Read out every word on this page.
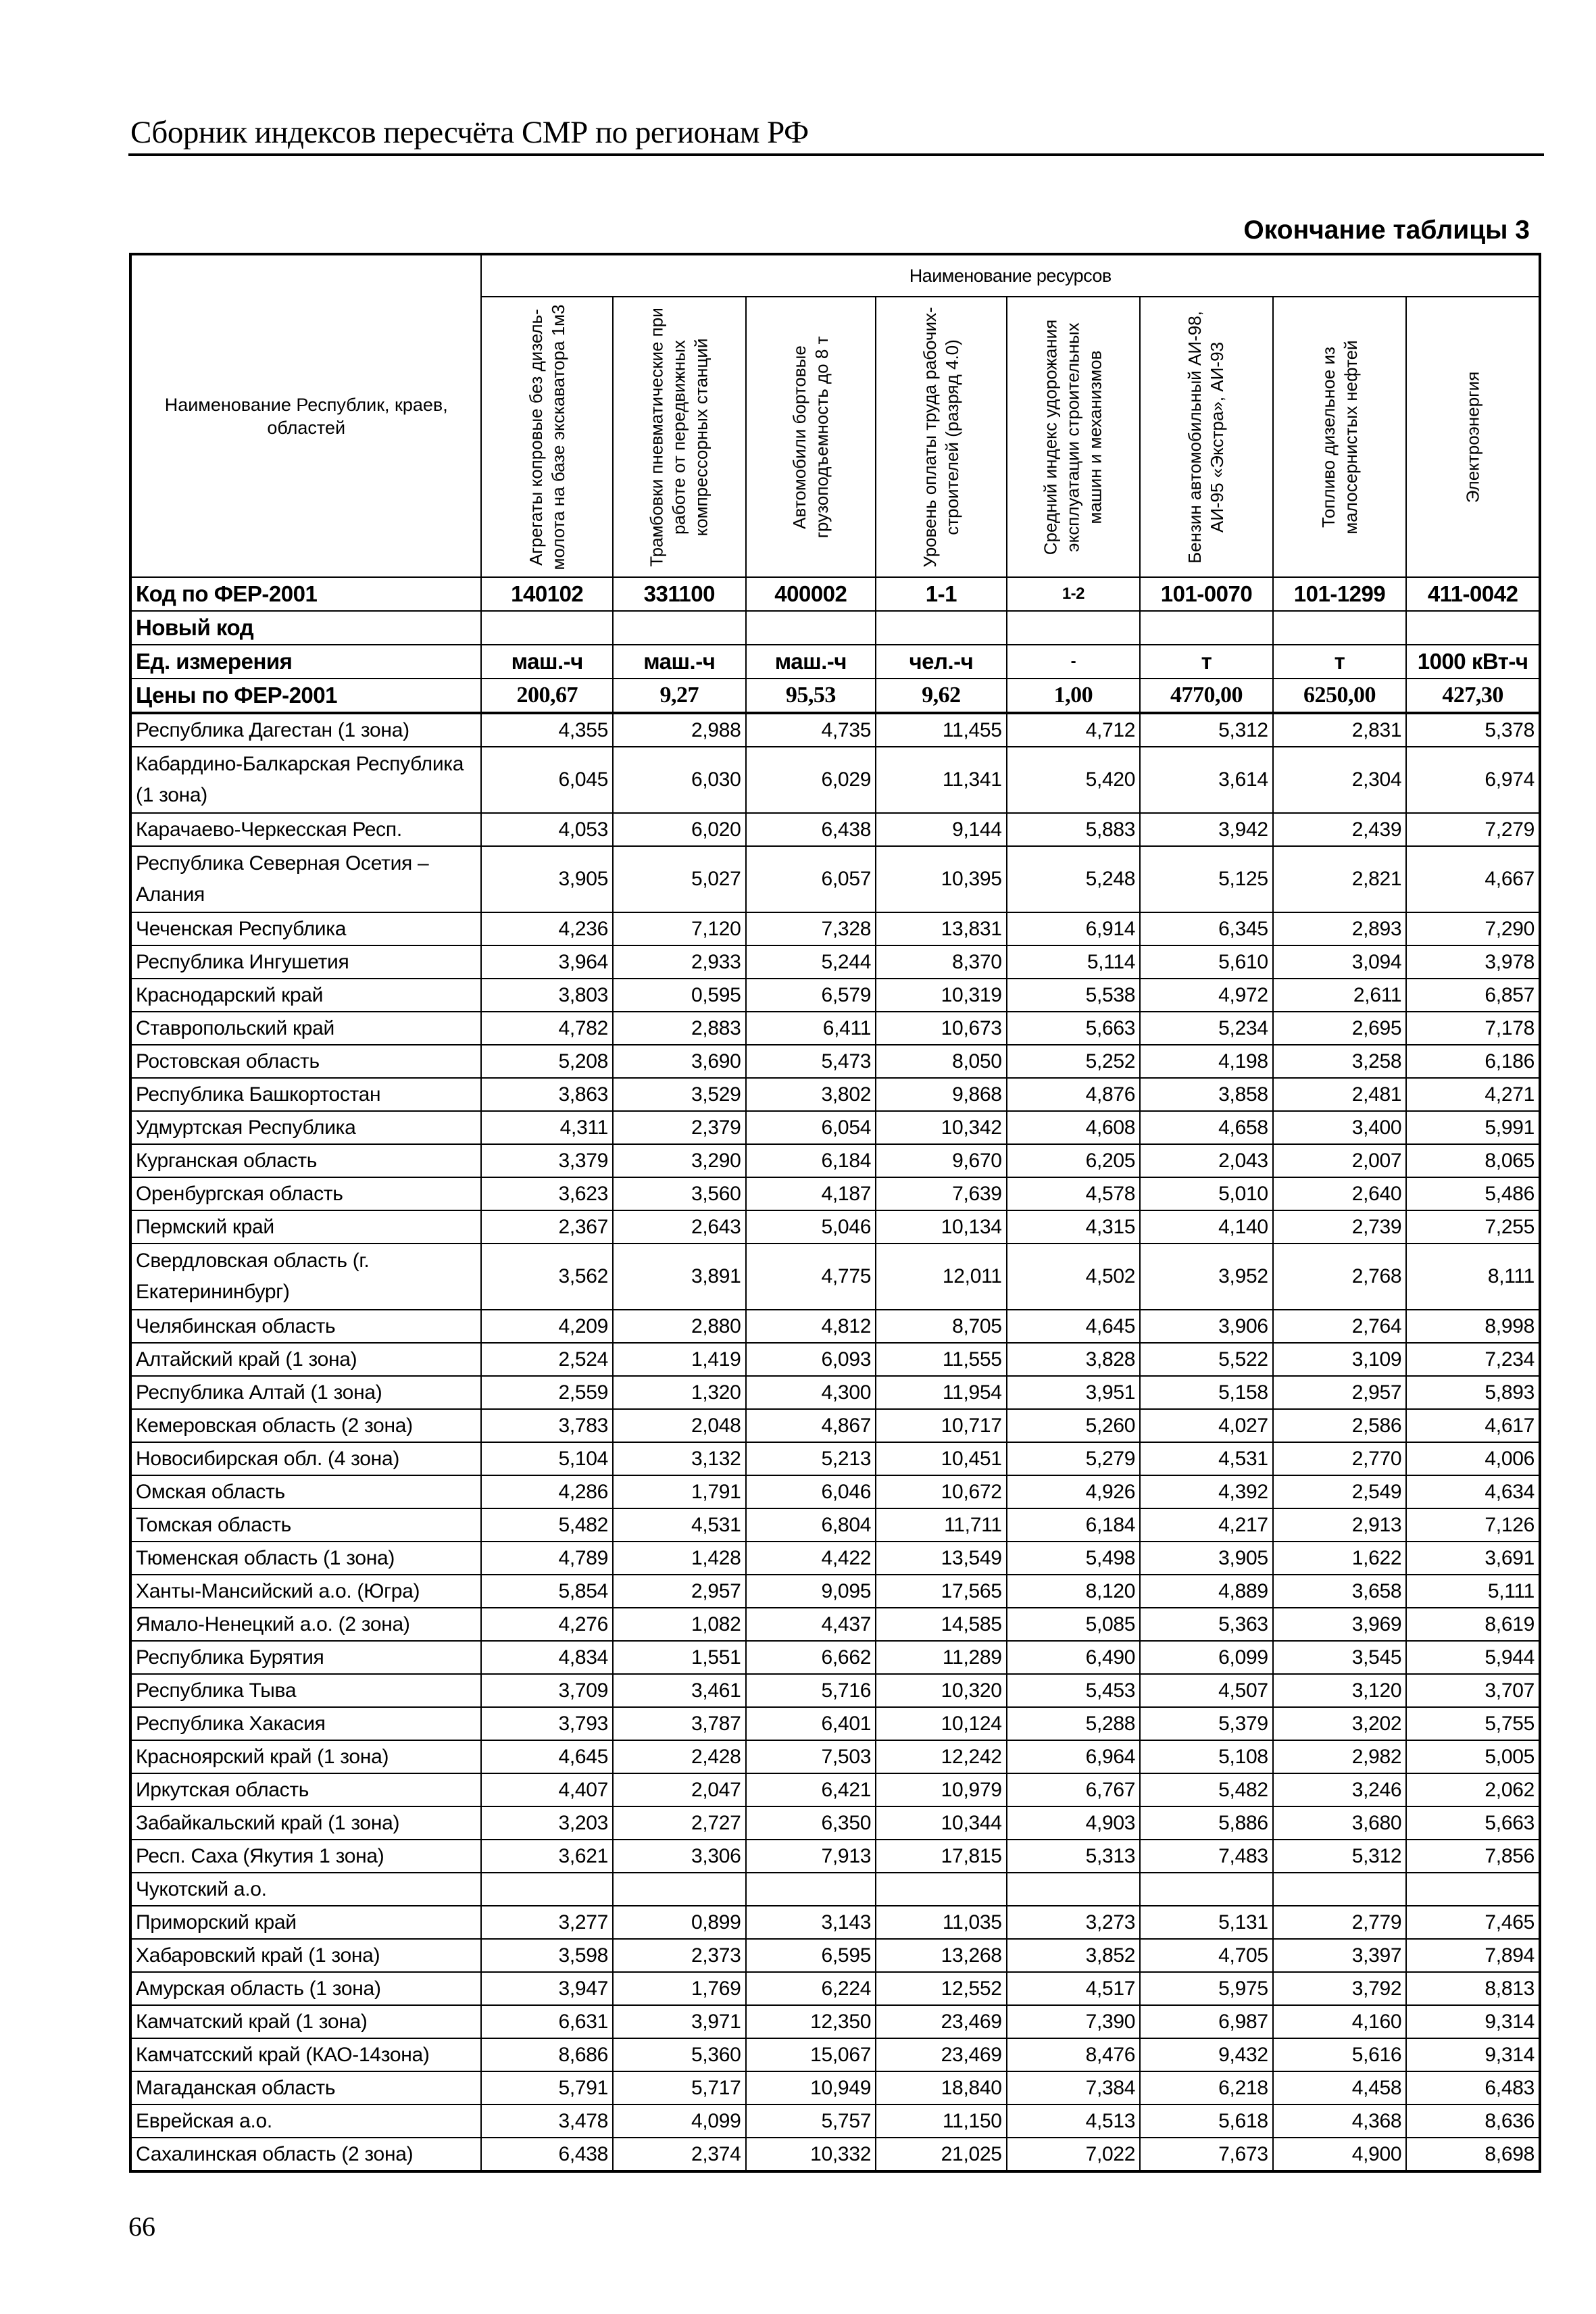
Сборник индексов пересчёта СМР по регионам РФ
Окончание таблицы 3
Наименование Республик, краев, областей	Наименование ресурсов							

	Агрегаты копровые без дизель-молота на базе экскаватора 1м3	Трамбовки пневматические при работе от передвижных компрессорных станций	Автомобили бортовые грузоподъемность до 8 т	Уровень оплаты труда рабочих-строителей (разряд 4.0)	Средний индекс удорожания эксплуатации строительных машин и механизмов	Бензин автомобильный АИ-98, АИ-95 «Экстра», АИ-93	Топливо дизельное из малосернистых нефтей	Электроэнергия

Код по ФЕР-2001	140102	331100	400002	1-1	1-2	101-0070	101-1299	411-0042
Новый код								
Ед. измерения	маш.-ч	маш.-ч	маш.-ч	чел.-ч	-	т	т	1000 кВт-ч
Цены по ФЕР-2001	200,67	9,27	95,53	9,62	1,00	4770,00	6250,00	427,30
Республика Дагестан (1 зона)	4,355	2,988	4,735	11,455	4,712	5,312	2,831	5,378
Кабардино-Балкарская Республика (1 зона)	6,045	6,030	6,029	11,341	5,420	3,614	2,304	6,974
Карачаево-Черкесская Респ.	4,053	6,020	6,438	9,144	5,883	3,942	2,439	7,279
Республика Северная Осетия – Алания	3,905	5,027	6,057	10,395	5,248	5,125	2,821	4,667
Чеченская Республика	4,236	7,120	7,328	13,831	6,914	6,345	2,893	7,290
Республика Ингушетия	3,964	2,933	5,244	8,370	5,114	5,610	3,094	3,978
Краснодарский край	3,803	0,595	6,579	10,319	5,538	4,972	2,611	6,857
Ставропольский край	4,782	2,883	6,411	10,673	5,663	5,234	2,695	7,178
Ростовская область	5,208	3,690	5,473	8,050	5,252	4,198	3,258	6,186
Республика Башкортостан	3,863	3,529	3,802	9,868	4,876	3,858	2,481	4,271
Удмуртская Республика	4,311	2,379	6,054	10,342	4,608	4,658	3,400	5,991
Курганская область	3,379	3,290	6,184	9,670	6,205	2,043	2,007	8,065
Оренбургская область	3,623	3,560	4,187	7,639	4,578	5,010	2,640	5,486
Пермский край	2,367	2,643	5,046	10,134	4,315	4,140	2,739	7,255
Свердловская область (г. Екатерининбург)	3,562	3,891	4,775	12,011	4,502	3,952	2,768	8,111
Челябинская область	4,209	2,880	4,812	8,705	4,645	3,906	2,764	8,998
Алтайский край (1 зона)	2,524	1,419	6,093	11,555	3,828	5,522	3,109	7,234
Республика Алтай (1 зона)	2,559	1,320	4,300	11,954	3,951	5,158	2,957	5,893
Кемеровская область (2 зона)	3,783	2,048	4,867	10,717	5,260	4,027	2,586	4,617
Новосибирская обл. (4 зона)	5,104	3,132	5,213	10,451	5,279	4,531	2,770	4,006
Омская область	4,286	1,791	6,046	10,672	4,926	4,392	2,549	4,634
Томская область	5,482	4,531	6,804	11,711	6,184	4,217	2,913	7,126
Тюменская область (1 зона)	4,789	1,428	4,422	13,549	5,498	3,905	1,622	3,691
Ханты-Мансийский а.о. (Югра)	5,854	2,957	9,095	17,565	8,120	4,889	3,658	5,111
Ямало-Ненецкий а.о. (2 зона)	4,276	1,082	4,437	14,585	5,085	5,363	3,969	8,619
Республика Бурятия	4,834	1,551	6,662	11,289	6,490	6,099	3,545	5,944
Республика Тыва	3,709	3,461	5,716	10,320	5,453	4,507	3,120	3,707
Республика Хакасия	3,793	3,787	6,401	10,124	5,288	5,379	3,202	5,755
Красноярский край (1 зона)	4,645	2,428	7,503	12,242	6,964	5,108	2,982	5,005
Иркутская область	4,407	2,047	6,421	10,979	6,767	5,482	3,246	2,062
Забайкальский край (1 зона)	3,203	2,727	6,350	10,344	4,903	5,886	3,680	5,663
Респ. Саха (Якутия 1 зона)	3,621	3,306	7,913	17,815	5,313	7,483	5,312	7,856
Чукотский а.о.								
Приморский край	3,277	0,899	3,143	11,035	3,273	5,131	2,779	7,465
Хабаровский край (1 зона)	3,598	2,373	6,595	13,268	3,852	4,705	3,397	7,894
Амурская область (1 зона)	3,947	1,769	6,224	12,552	4,517	5,975	3,792	8,813
Камчатский край (1 зона)	6,631	3,971	12,350	23,469	7,390	6,987	4,160	9,314
Камчатсский край (КАО-14зона)	8,686	5,360	15,067	23,469	8,476	9,432	5,616	9,314
Магаданская область	5,791	5,717	10,949	18,840	7,384	6,218	4,458	6,483
Еврейская а.о.	3,478	4,099	5,757	11,150	4,513	5,618	4,368	8,636
Сахалинская область (2 зона)	6,438	2,374	10,332	21,025	7,022	7,673	4,900	8,698
66
